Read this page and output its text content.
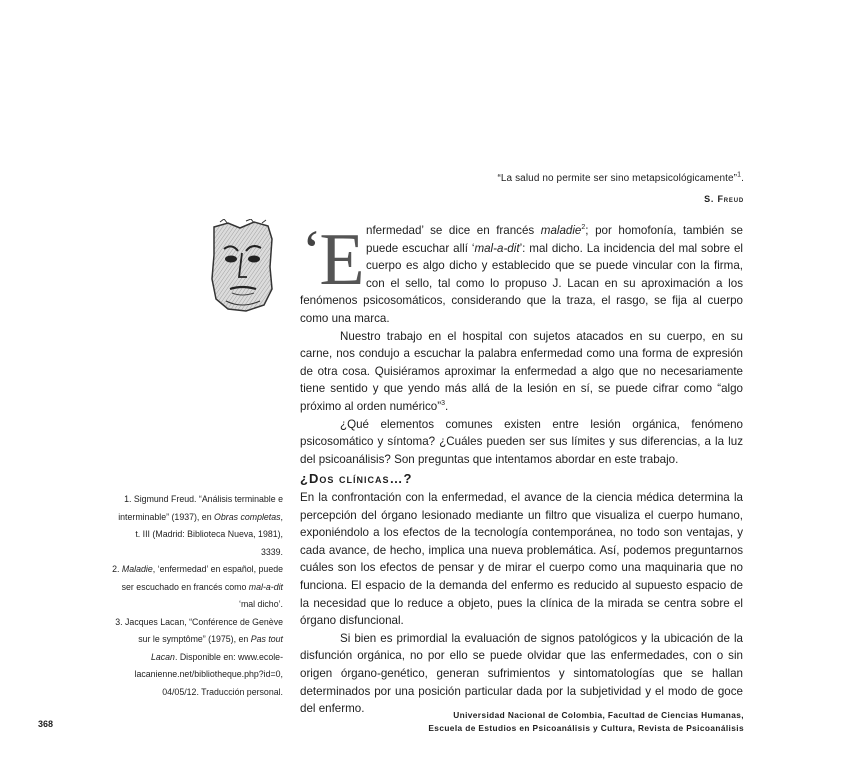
“La salud no permite ser sino metapsicológicamente”$^1$.
S. Freud
‘E nfermedad’ se dice en francés maladie$^2$; por homofonía, también se puede escuchar allí ‘mal-a-dit’: mal dicho. La incidencia del mal sobre el cuerpo es algo dicho y establecido que se puede vincular con la firma, con el sello, tal como lo propuso J. Lacan en su aproximación a los fenómenos psicosomáticos, considerando que la traza, el rasgo, se fija al cuerpo como una marca.

Nuestro trabajo en el hospital con sujetos atacados en su cuerpo, en su carne, nos condujo a escuchar la palabra enfermedad como una forma de expresión de otra cosa. Quisiéramos aproximar la enfermedad a algo que no necesariamente tiene sentido y que yendo más allá de la lesión en sí, se puede cifrar como “algo próximo al orden numérico”$^3$.

¿Qué elementos comunes existen entre lesión orgánica, fenómeno psicosomático y síntoma? ¿Cuáles pueden ser sus límites y sus diferencias, a la luz del psicoanálisis? Son preguntas que intentamos abordar en este trabajo.

¿Dos clínicas…?

En la confrontación con la enfermedad, el avance de la ciencia médica determina la percepción del órgano lesionado mediante un filtro que visualiza el cuerpo humano, exponiéndolo a los efectos de la tecnología contemporánea, no todo son ventajas, y cada avance, de hecho, implica una nueva problemática. Así, podemos preguntarnos cuáles son los efectos de pensar y de mirar el cuerpo como una maquinaria que no funciona. El espacio de la demanda del enfermo es reducido al supuesto espacio de la necesidad que lo reduce a objeto, pues la clínica de la mirada se centra sobre el órgano disfuncional.

Si bien es primordial la evaluación de signos patológicos y la ubicación de la disfunción orgánica, no por ello se puede olvidar que las enfermedades, con o sin origen órgano-genético, generan sufrimientos y sintomatologías que se hallan determinados por una posición particular dada por la subjetividad y el modo de goce del enfermo.

1. Sigmund Freud. “Análisis terminable e interminable” (1937), en Obras completas, t. III (Madrid: Biblioteca Nueva, 1981), 3339.

2. Maladie, ‘enfermedad’ en español, puede ser escuchado en francés como mal-a-dit ‘mal dicho’.

3. Jacques Lacan, “Conférence de Genève sur le symptôme” (1975), en Pas tout Lacan. Disponible en: www.ecole-lacanienne.net/bibliotheque.php?id=0, 04/05/12. Traducción personal.

368
Universidad Nacional de Colombia, Facultad de Ciencias Humanas,
Escuela de Estudios en Psicoanálisis y Cultura, Revista de Psicoanálisis
